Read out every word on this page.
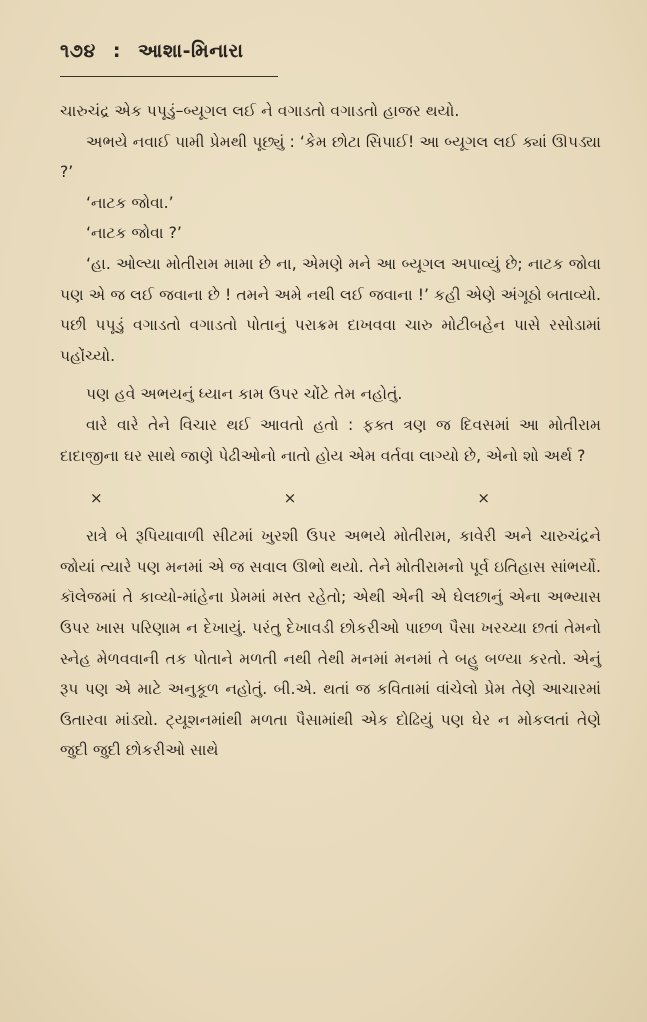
૧૭૪ : આશા-મિનારા

ચારુચંદ્ર એક પપૂડું–બ્યૂગલ લઈ ને વગાડતો વગાડતો હાજર થયો.

અભયે નવાઈ પામી પ્રેમથી પૂછ્યું : ‘કેમ છોટા સિપાઈ! આ બ્યૂગલ લઈ ક્યાં ઊપડ્યા ?’

‘નાટક જોવા.’

‘નાટક જોવા ?’

‘હા. ઓલ્યા મોતીરામ મામા છે ના, એમણે મને આ બ્યૂગલ અપાવ્યું છે; નાટક જોવા પણ એ જ લઈ જવાના છે ! તમને અમે નથી લઈ જવાના !’ કહી એણે અંગૂઠો બતાવ્યો. પછી પપૂડું વગાડતો વગાડતો પોતાનું પરાક્રમ દાખવવા ચારુ મોટીબહેન પાસે રસોડામાં પહોંચ્યો.

પણ હવે અભયનું ધ્યાન કામ ઉપર ચોંટે તેમ નહોતું.

વારે વારે તેને વિચાર થઈ આવતો હતો : ફક્ત ત્રણ જ દિવસમાં આ મોતીરામ દાદાજીના ઘર સાથે જાણે પેઢીઓનો નાતો હોય એમ વર્તવા લાગ્યો છે, એનો શો અર્થ ?

×	×	×

રાત્રે બે રૂપિયાવાળી સીટમાં ખુરશી ઉપર અભયે મોતીરામ, કાવેરી અને ચારુચંદ્રને જોયાં ત્યારે પણ મનમાં એ જ સવાલ ઊભો થયો. તેને મોતીરામનો પૂર્વ ઇતિહાસ સાંભર્યો. કૉલેજમાં તે કાવ્યો-માંહેના પ્રેમમાં મસ્ત રહેતો; એથી એની એ ઘેલછાનું એના અભ્યાસ ઉપર ખાસ પરિણામ ન દેખાયું. પરંતુ દેખાવડી છોકરીઓ પાછળ પૈસા ખરચ્યા છતાં તેમનો સ્નેહ મેળવવાની તક પોતાને મળતી નથી તેથી મનમાં મનમાં તે બહુ બળ્યા કરતો. એનું રૂપ પણ એ માટે અનુકૂળ નહોતું. બી.એ. થતાં જ કવિતામાં વાંચેલો પ્રેમ તેણે આચારમાં ઉતારવા માંડ્યો. ટ્યૂશનમાંથી મળતા પૈસામાંથી એક દોઢિયું પણ ઘેર ન મોકલતાં તેણે જુદી જુદી છોકરીઓ સાથે
